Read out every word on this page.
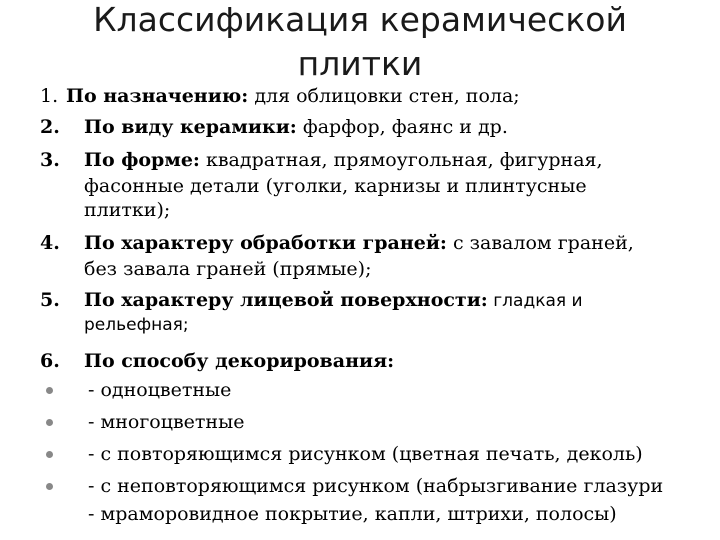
Классификация керамической
плитки
1. По назначению: для облицовки стен, пола;
2. По виду керамики: фарфор, фаянс и др.
3. По форме: квадратная, прямоугольная, фигурная,
фасонные детали (уголки, карнизы и плинтусные
плитки);
4. По характеру обработки граней: с завалом граней,
без завала граней (прямые);
5. По характеру лицевой поверхности: гладкая и
рельефная;
6. По способу декорирования:
- одноцветные
- многоцветные
- с повторяющимся рисунком (цветная печать, деколь)
- с неповторяющимся рисунком (набрызгивание глазури
- мраморовидное покрытие, капли, штрихи, полосы)
